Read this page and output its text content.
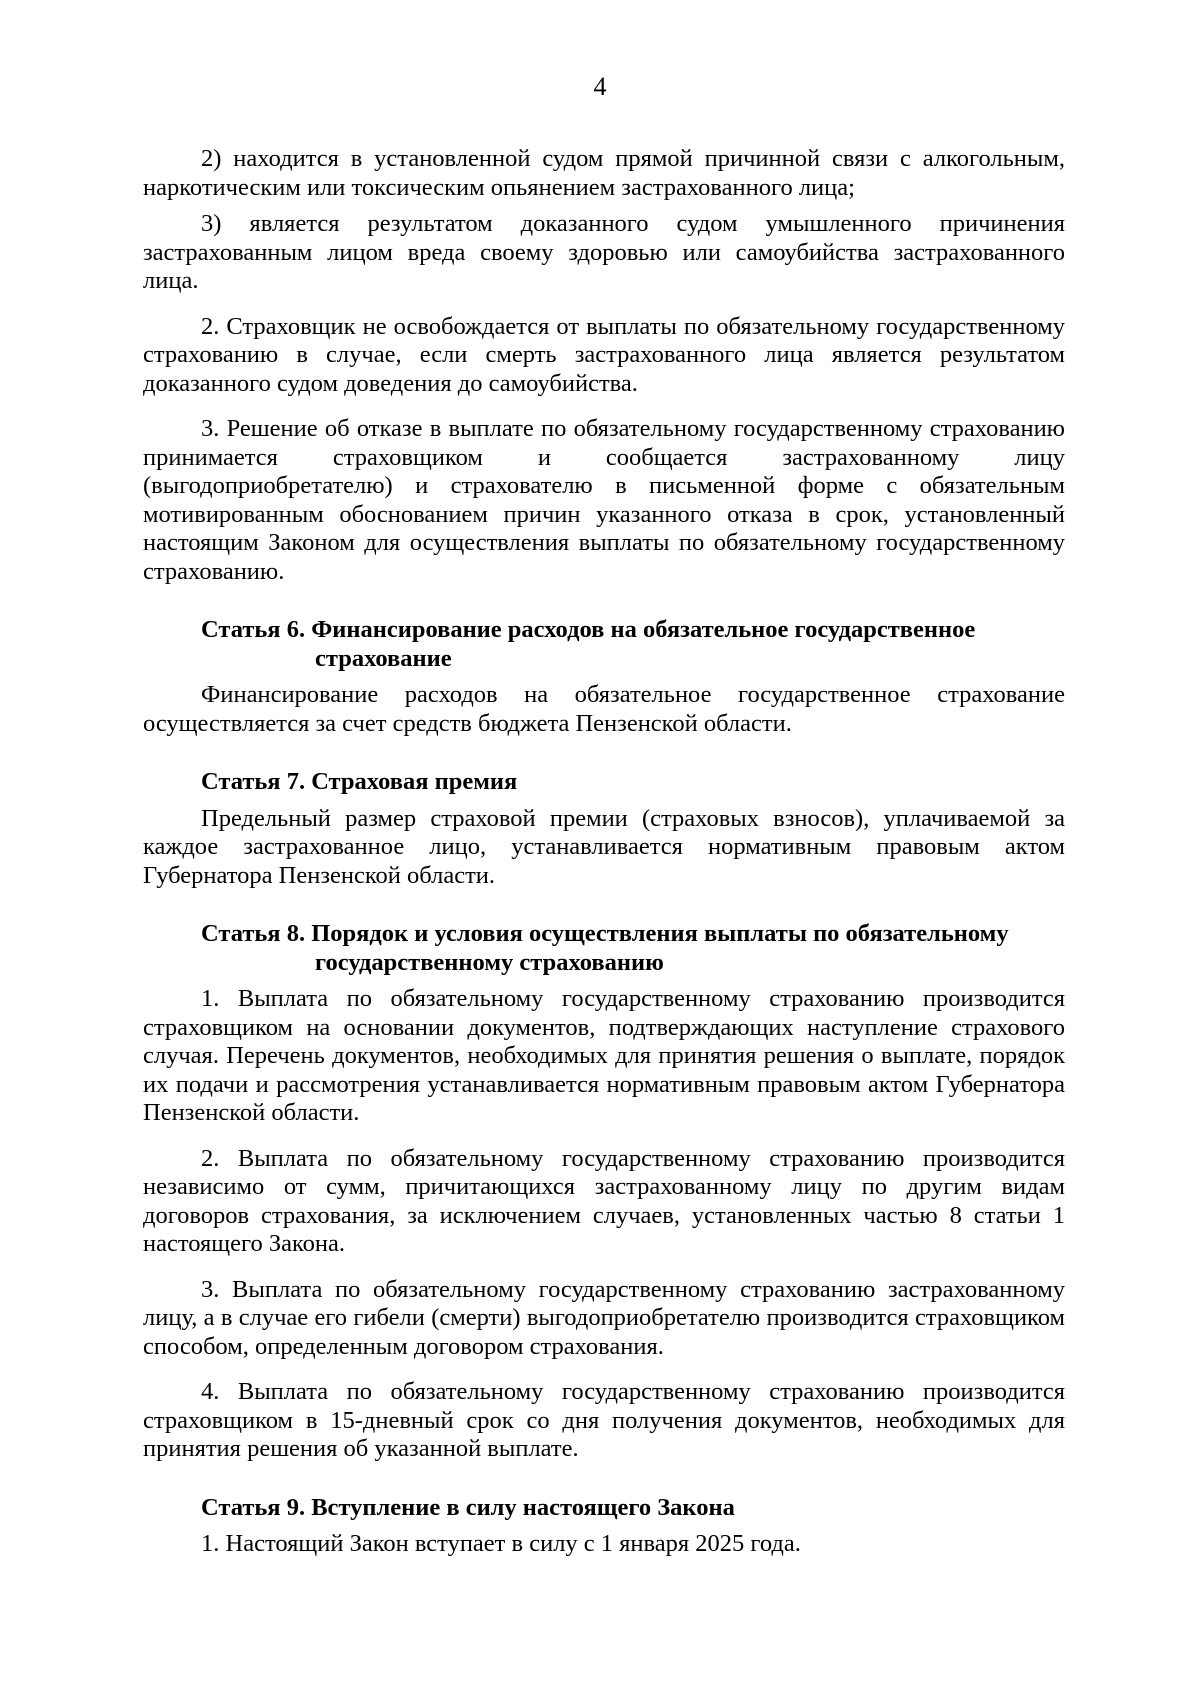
4

2) находится в установленной судом прямой причинной связи с алкогольным, наркотическим или токсическим опьянением застрахованного лица;

3) является результатом доказанного судом умышленного причинения застрахованным лицом вреда своему здоровью или самоубийства застрахованного лица.

2. Страховщик не освобождается от выплаты по обязательному государственному страхованию в случае, если смерть застрахованного лица является результатом доказанного судом доведения до самоубийства.

3. Решение об отказе в выплате по обязательному государственному страхованию принимается страховщиком и сообщается застрахованному лицу (выгодоприобретателю) и страхователю в письменной форме с обязательным мотивированным обоснованием причин указанного отказа в срок, установленный настоящим Законом для осуществления выплаты по обязательному государственному страхованию.

Статья 6. Финансирование расходов на обязательное государственное
страхование

Финансирование расходов на обязательное государственное страхование осуществляется за счет средств бюджета Пензенской области.

Статья 7. Страховая премия

Предельный размер страховой премии (страховых взносов), уплачиваемой за каждое застрахованное лицо, устанавливается нормативным правовым актом Губернатора Пензенской области.

Статья 8. Порядок и условия осуществления выплаты по обязательному
государственному страхованию

1. Выплата по обязательному государственному страхованию производится страховщиком на основании документов, подтверждающих наступление страхового случая. Перечень документов, необходимых для принятия решения о выплате, порядок их подачи и рассмотрения устанавливается нормативным правовым актом Губернатора Пензенской области.

2. Выплата по обязательному государственному страхованию производится независимо от сумм, причитающихся застрахованному лицу по другим видам договоров страхования, за исключением случаев, установленных частью 8 статьи 1 настоящего Закона.

3. Выплата по обязательному государственному страхованию застрахованному лицу, а в случае его гибели (смерти) выгодоприобретателю производится страховщиком способом, определенным договором страхования.

4. Выплата по обязательному государственному страхованию производится страховщиком в 15-дневный срок со дня получения документов, необходимых для принятия решения об указанной выплате.

Статья 9. Вступление в силу настоящего Закона

1. Настоящий Закон вступает в силу с 1 января 2025 года.
